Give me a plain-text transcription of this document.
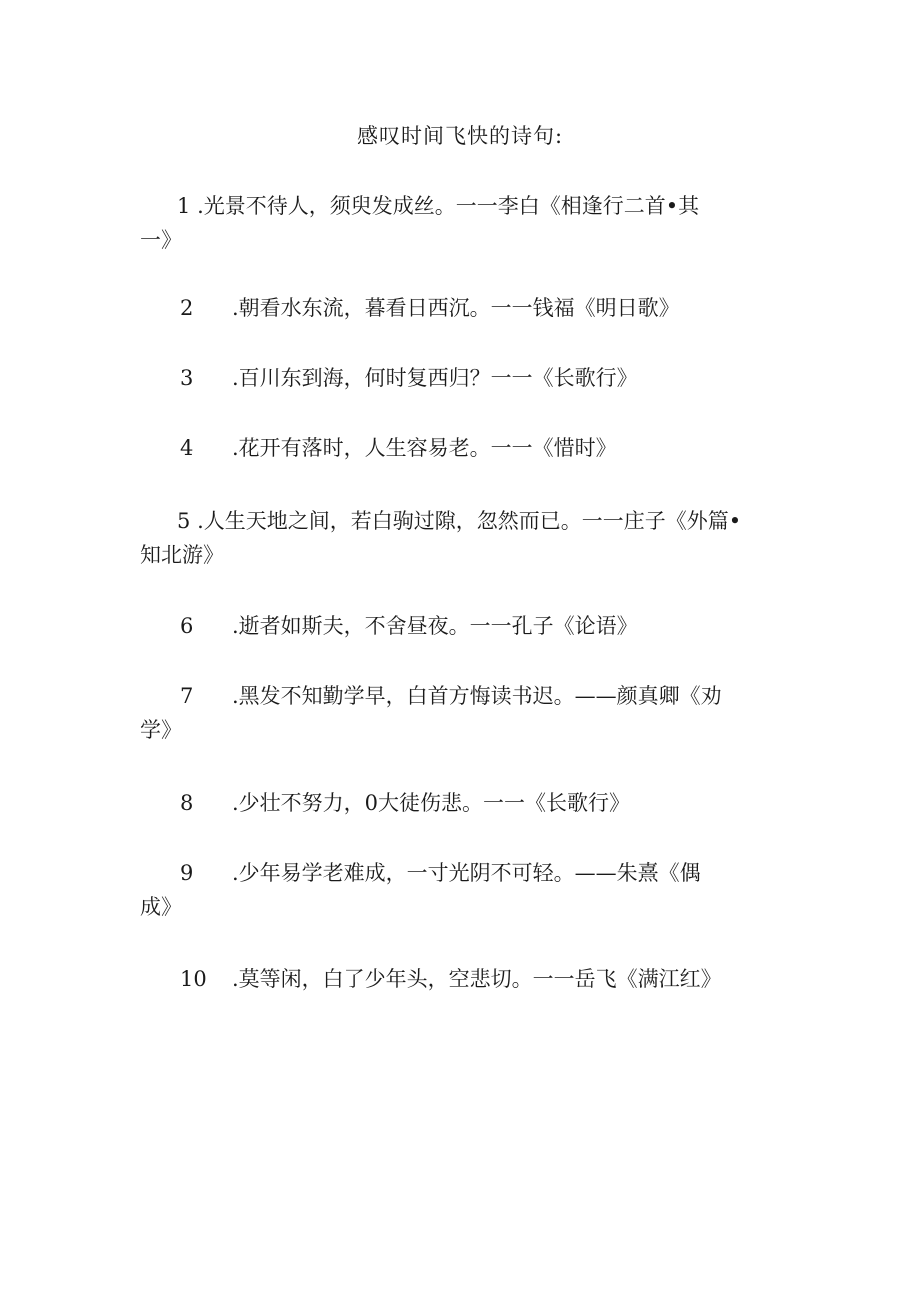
感叹时间飞快的诗句:
1 .光景不待人，须臾发成丝。一一李白《相逢行二首•其
一》
2 .朝看水东流，暮看日西沉。一一钱福《明日歌》
3 .百川东到海，何时复西归？一一《长歌行》
4 .花开有落时，人生容易老。一一《惜时》
5 .人生天地之间，若白驹过隙，忽然而已。一一庄子《外篇•
知北游》
6 .逝者如斯夫，不舍昼夜。一一孔子《论语》
7 .黑发不知勤学早，白首方悔读书迟。——颜真卿《劝
学》
8 .少壮不努力，0大徒伤悲。一一《长歌行》
9 .少年易学老难成，一寸光阴不可轻。——朱熹《偶
成》
10 .莫等闲，白了少年头，空悲切。一一岳飞《满江红》
